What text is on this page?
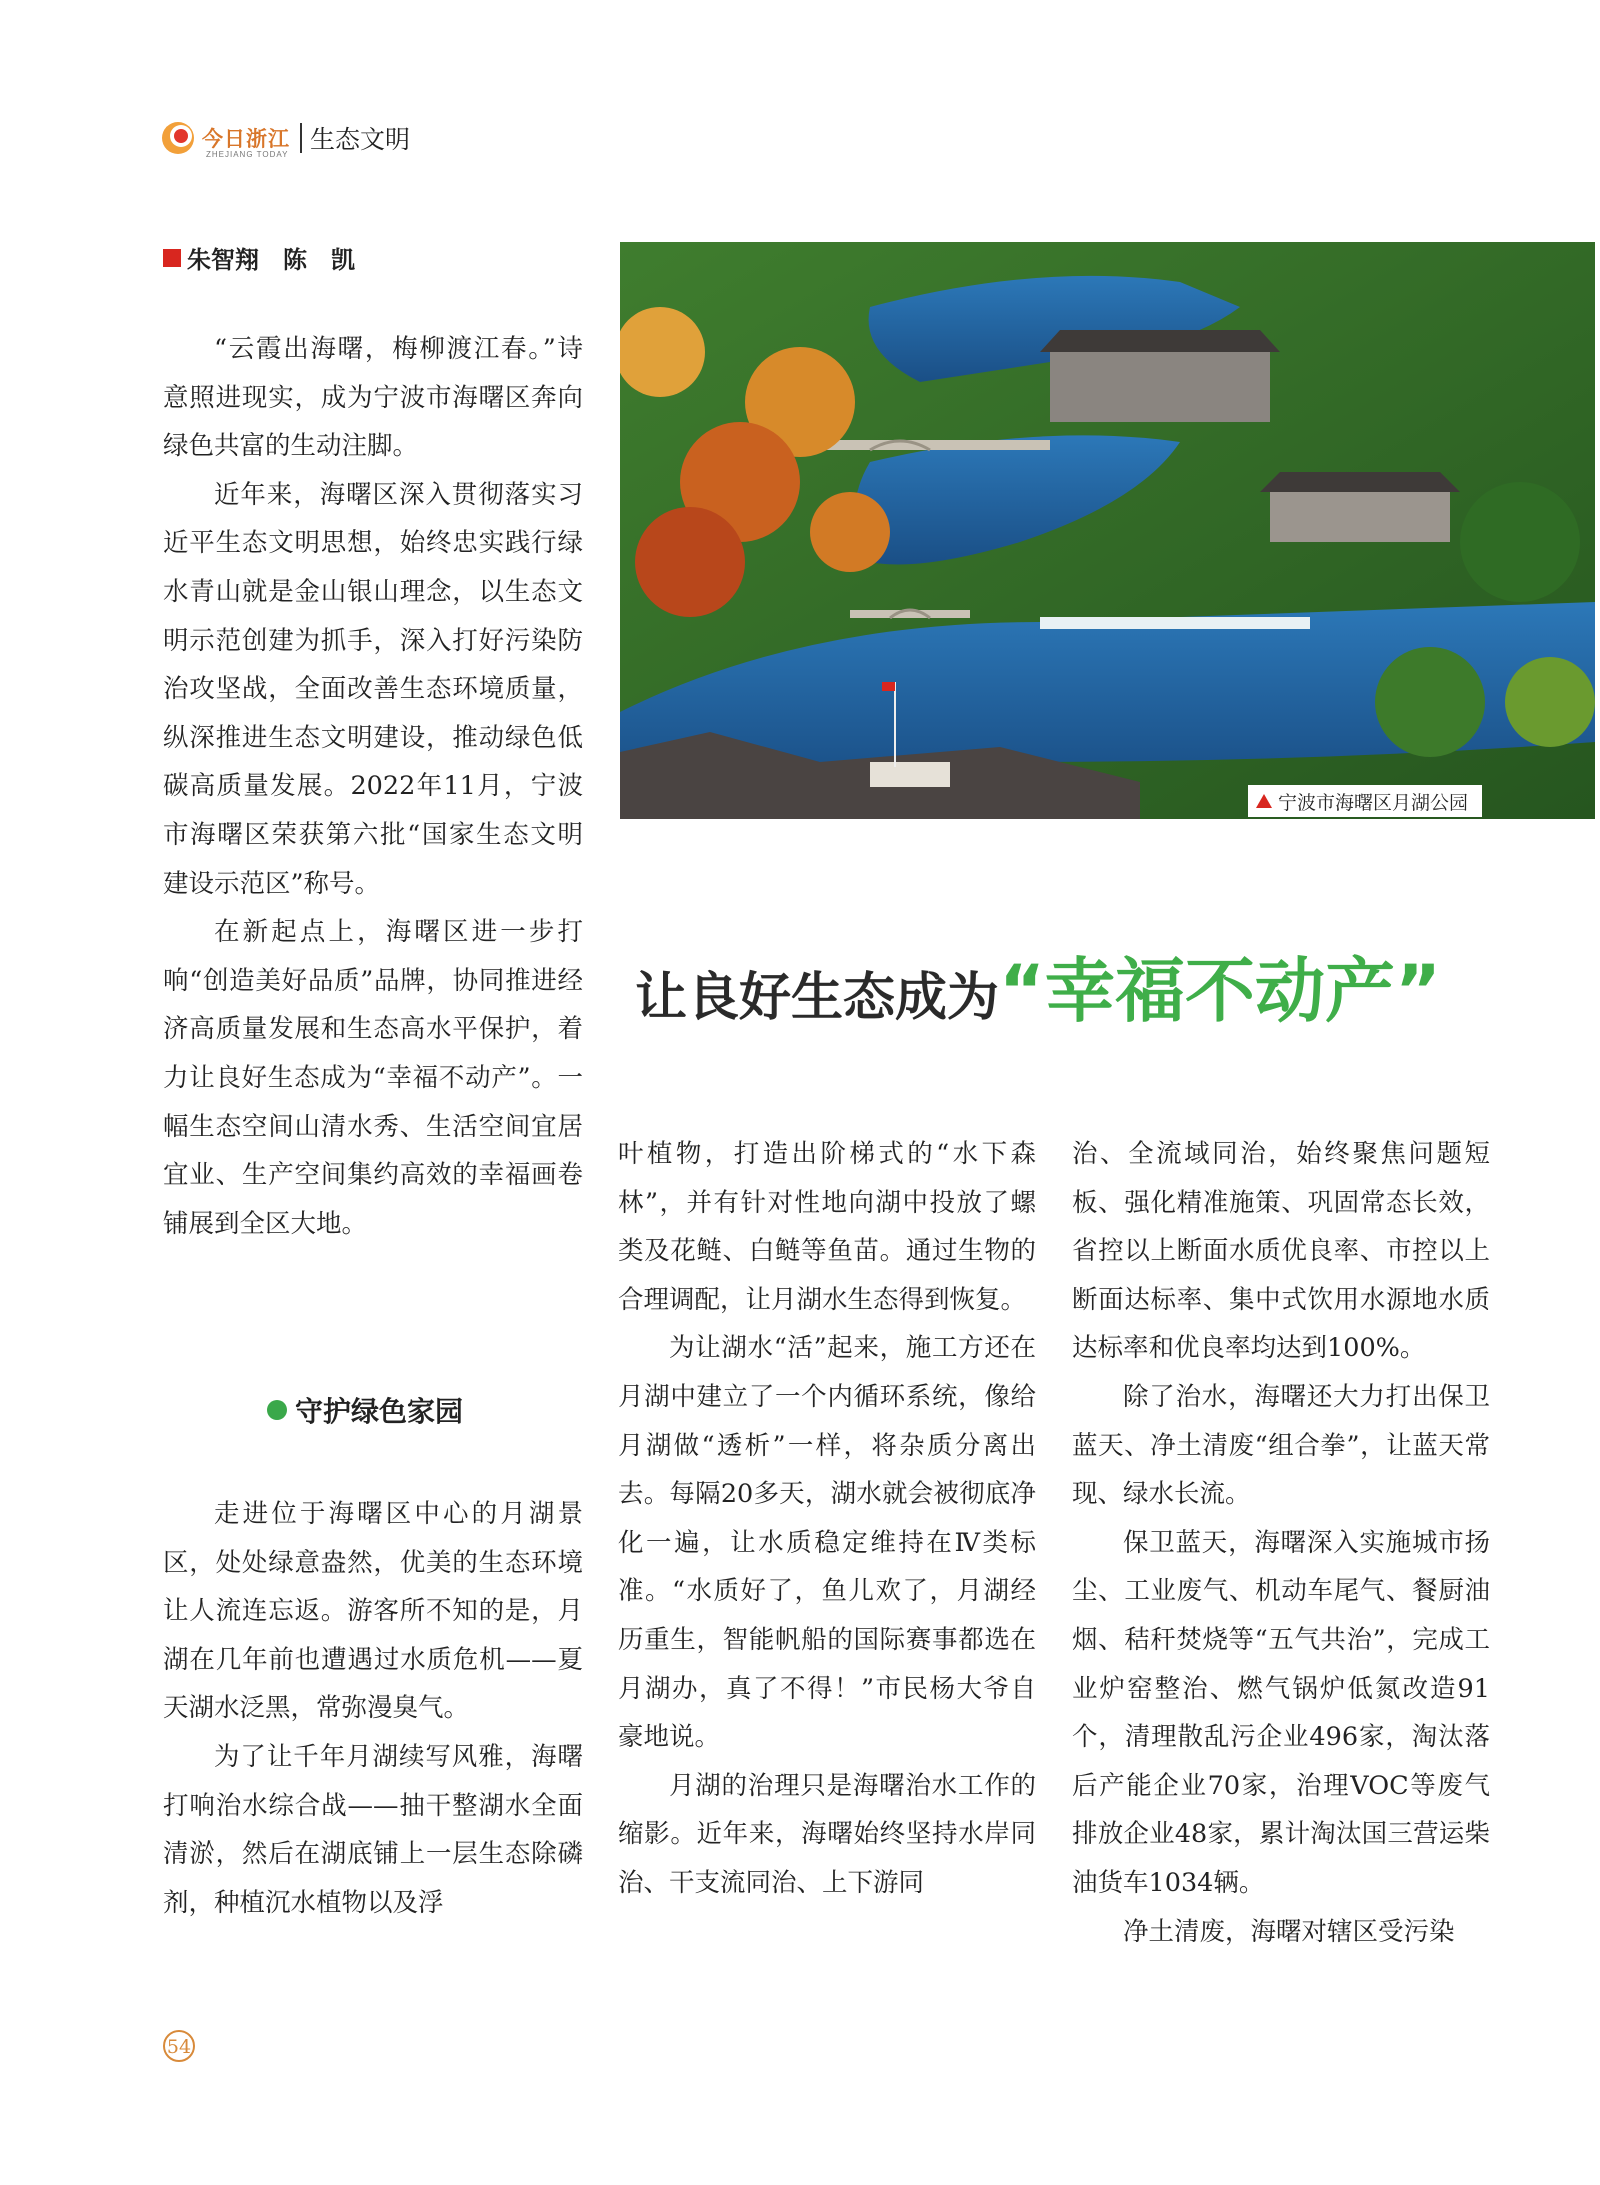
今日浙江
ZHEJIANG TODAY
生态文明
朱智翔　陈　凯

“云霞出海曙，梅柳渡江春。”诗意照进现实，成为宁波市海曙区奔向绿色共富的生动注脚。

近年来，海曙区深入贯彻落实习近平生态文明思想，始终忠实践行绿水青山就是金山银山理念，以生态文明示范创建为抓手，深入打好污染防治攻坚战，全面改善生态环境质量，纵深推进生态文明建设，推动绿色低碳高质量发展。2022年11月，宁波市海曙区荣获第六批“国家生态文明建设示范区”称号。

在新起点上，海曙区进一步打响“创造美好品质”品牌，协同推进经济高质量发展和生态高水平保护，着力让良好生态成为“幸福不动产”。一幅生态空间山清水秀、生活空间宜居宜业、生产空间集约高效的幸福画卷铺展到全区大地。

守护绿色家园

走进位于海曙区中心的月湖景区，处处绿意盎然，优美的生态环境让人流连忘返。游客所不知的是，月湖在几年前也遭遇过水质危机——夏天湖水泛黑，常弥漫臭气。

为了让千年月湖续写风雅，海曙打响治水综合战——抽干整湖水全面清淤，然后在湖底铺上一层生态除磷剂，种植沉水植物以及浮

宁波市海曙区月湖公园
让良好生态成为“幸福不动产”

叶植物，打造出阶梯式的“水下森林”，并有针对性地向湖中投放了螺类及花鲢、白鲢等鱼苗。通过生物的合理调配，让月湖水生态得到恢复。

为让湖水“活”起来，施工方还在月湖中建立了一个内循环系统，像给月湖做“透析”一样，将杂质分离出去。每隔20多天，湖水就会被彻底净化一遍，让水质稳定维持在Ⅳ类标准。“水质好了，鱼儿欢了，月湖经历重生，智能帆船的国际赛事都选在月湖办，真了不得！”市民杨大爷自豪地说。

月湖的治理只是海曙治水工作的缩影。近年来，海曙始终坚持水岸同治、干支流同治、上下游同

治、全流域同治，始终聚焦问题短板、强化精准施策、巩固常态长效，省控以上断面水质优良率、市控以上断面达标率、集中式饮用水源地水质达标率和优良率均达到100%。

除了治水，海曙还大力打出保卫蓝天、净土清废“组合拳”，让蓝天常现、绿水长流。

保卫蓝天，海曙深入实施城市扬尘、工业废气、机动车尾气、餐厨油烟、秸秆焚烧等“五气共治”，完成工业炉窑整治、燃气锅炉低氮改造91个，清理散乱污企业496家，淘汰落后产能企业70家，治理VOC等废气排放企业48家，累计淘汰国三营运柴油货车1034辆。

净土清废，海曙对辖区受污染

54
